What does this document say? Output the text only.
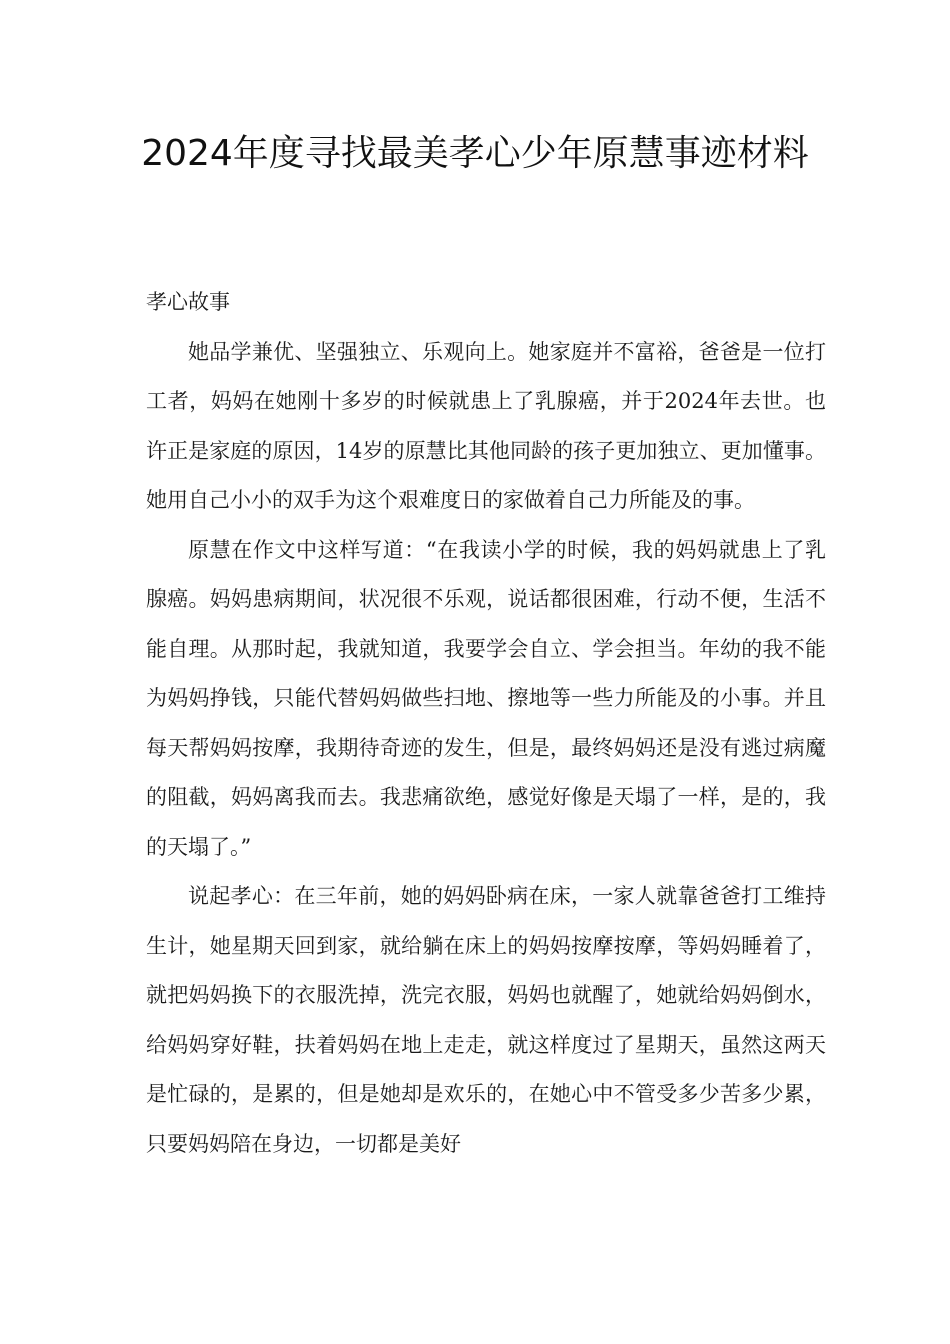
2024年度寻找最美孝心少年原慧事迹材料

孝心故事

她品学兼优、坚强独立、乐观向上。她家庭并不富裕，爸爸是一位打工者，妈妈在她刚十多岁的时候就患上了乳腺癌，并于2024年去世。也许正是家庭的原因，14岁的原慧比其他同龄的孩子更加独立、更加懂事。她用自己小小的双手为这个艰难度日的家做着自己力所能及的事。

原慧在作文中这样写道：“在我读小学的时候，我的妈妈就患上了乳腺癌。妈妈患病期间，状况很不乐观，说话都很困难，行动不便，生活不能自理。从那时起，我就知道，我要学会自立、学会担当。年幼的我不能为妈妈挣钱，只能代替妈妈做些扫地、擦地等一些力所能及的小事。并且每天帮妈妈按摩，我期待奇迹的发生，但是，最终妈妈还是没有逃过病魔的阻截，妈妈离我而去。我悲痛欲绝，感觉好像是天塌了一样，是的，我的天塌了。”

说起孝心：在三年前，她的妈妈卧病在床，一家人就靠爸爸打工维持生计，她星期天回到家，就给躺在床上的妈妈按摩按摩，等妈妈睡着了，就把妈妈换下的衣服洗掉，洗完衣服，妈妈也就醒了，她就给妈妈倒水，给妈妈穿好鞋，扶着妈妈在地上走走，就这样度过了星期天，虽然这两天是忙碌的，是累的，但是她却是欢乐的，在她心中不管受多少苦多少累，只要妈妈陪在身边，一切都是美好
